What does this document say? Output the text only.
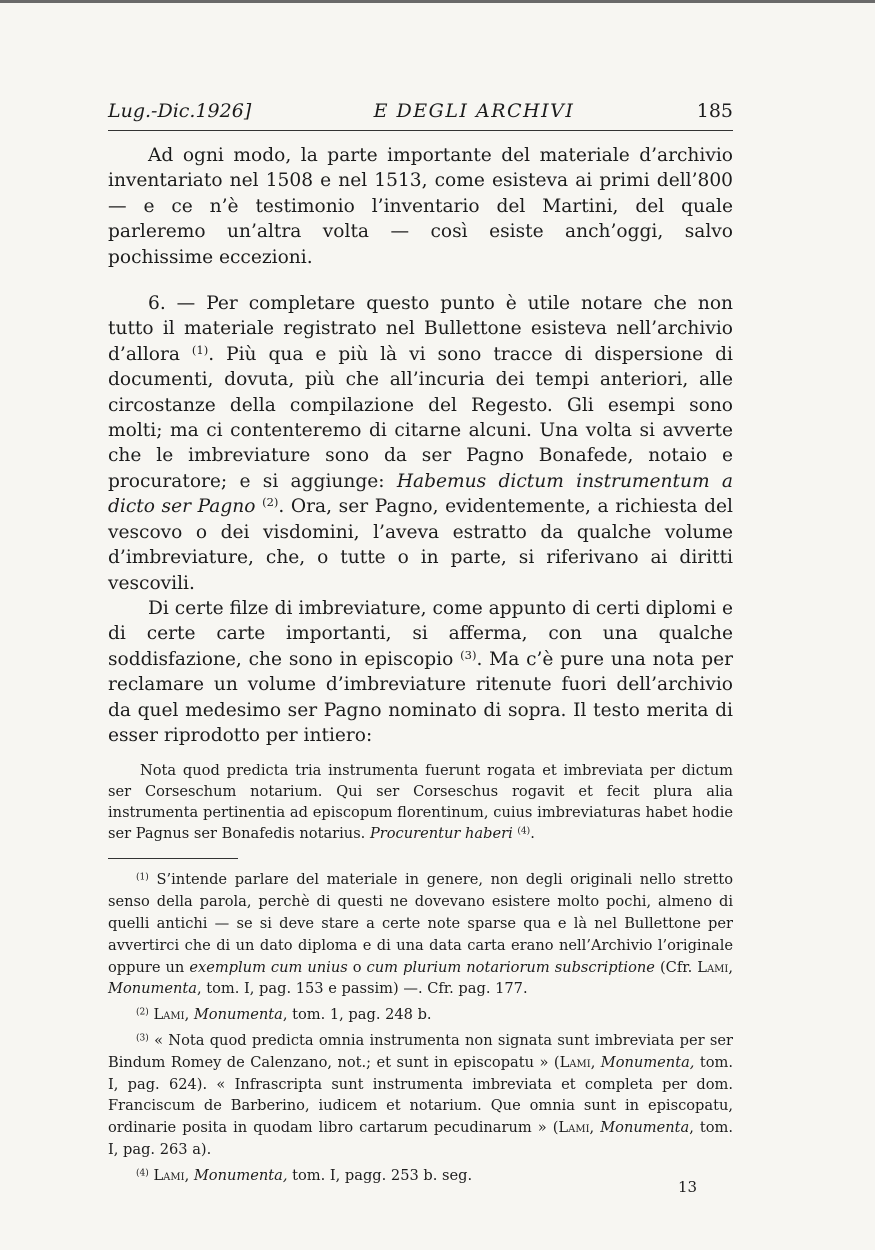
Lug.-Dic.1926]	E DEGLI ARCHIVI	185

Ad ogni modo, la parte importante del materiale d’archivio inventariato nel 1508 e nel 1513, come esisteva ai primi dell’800 — e ce n’è testimonio l’inventario del Martini, del quale parleremo un’altra volta — così esiste anch’oggi, salvo pochissime eccezioni.

6. — Per completare questo punto è utile notare che non tutto il materiale registrato nel Bullettone esisteva nell’archivio d’allora $^{(1)}$. Più qua e più là vi sono tracce di dispersione di documenti, dovuta, più che all’incuria dei tempi anteriori, alle circostanze della compilazione del Regesto. Gli esempi sono molti; ma ci contenteremo di citarne alcuni. Una volta si avverte che le imbreviature sono da ser Pagno Bonafede, notaio e procuratore; e si aggiunge: Habemus dictum instrumentum a dicto ser Pagno $^{(2)}$. Ora, ser Pagno, evidentemente, a richiesta del vescovo o dei visdomini, l’aveva estratto da qualche volume d’imbreviature, che, o tutte o in parte, si riferivano ai diritti vescovili.

Di certe filze di imbreviature, come appunto di certi diplomi e di certe carte importanti, si afferma, con una qualche soddisfazione, che sono in episcopio $^{(3)}$. Ma c’è pure una nota per reclamare un volume d’imbreviature ritenute fuori dell’archivio da quel medesimo ser Pagno nominato di sopra. Il testo merita di esser riprodotto per intiero:

Nota quod predicta tria instrumenta fuerunt rogata et imbreviata per dictum ser Corseschum notarium. Qui ser Corseschus rogavit et fecit plura alia instrumenta pertinentia ad episcopum florentinum, cuius imbreviaturas habet hodie ser Pagnus ser Bonafedis notarius. Procurentur haberi $^{(4)}$.

$^{(1)}$ S’intende parlare del materiale in genere, non degli originali nello stretto senso della parola, perchè di questi ne dovevano esistere molto pochi, almeno di quelli antichi — se si deve stare a certe note sparse qua e là nel Bullettone per avvertirci che di un dato diploma e di una data carta erano nell’Archivio l’originale oppure un exemplum cum unius o cum plurium notariorum subscriptione (Cfr. Lami, Monumenta, tom. I, pag. 153 e passim) —. Cfr. pag. 177.

$^{(2)}$ Lami, Monumenta, tom. 1, pag. 248 b.

$^{(3)}$ « Nota quod predicta omnia instrumenta non signata sunt imbreviata per ser Bindum Romey de Calenzano, not.; et sunt in episcopatu » (Lami, Monumenta, tom. I, pag. 624). « Infrascripta sunt instrumenta imbreviata et completa per dom. Franciscum de Barberino, iudicem et notarium. Que omnia sunt in episcopatu, ordinarie posita in quodam libro cartarum pecudinarum » (Lami, Monumenta, tom. I, pag. 263 a).

$^{(4)}$ Lami, Monumenta, tom. I, pagg. 253 b. seg.

13
